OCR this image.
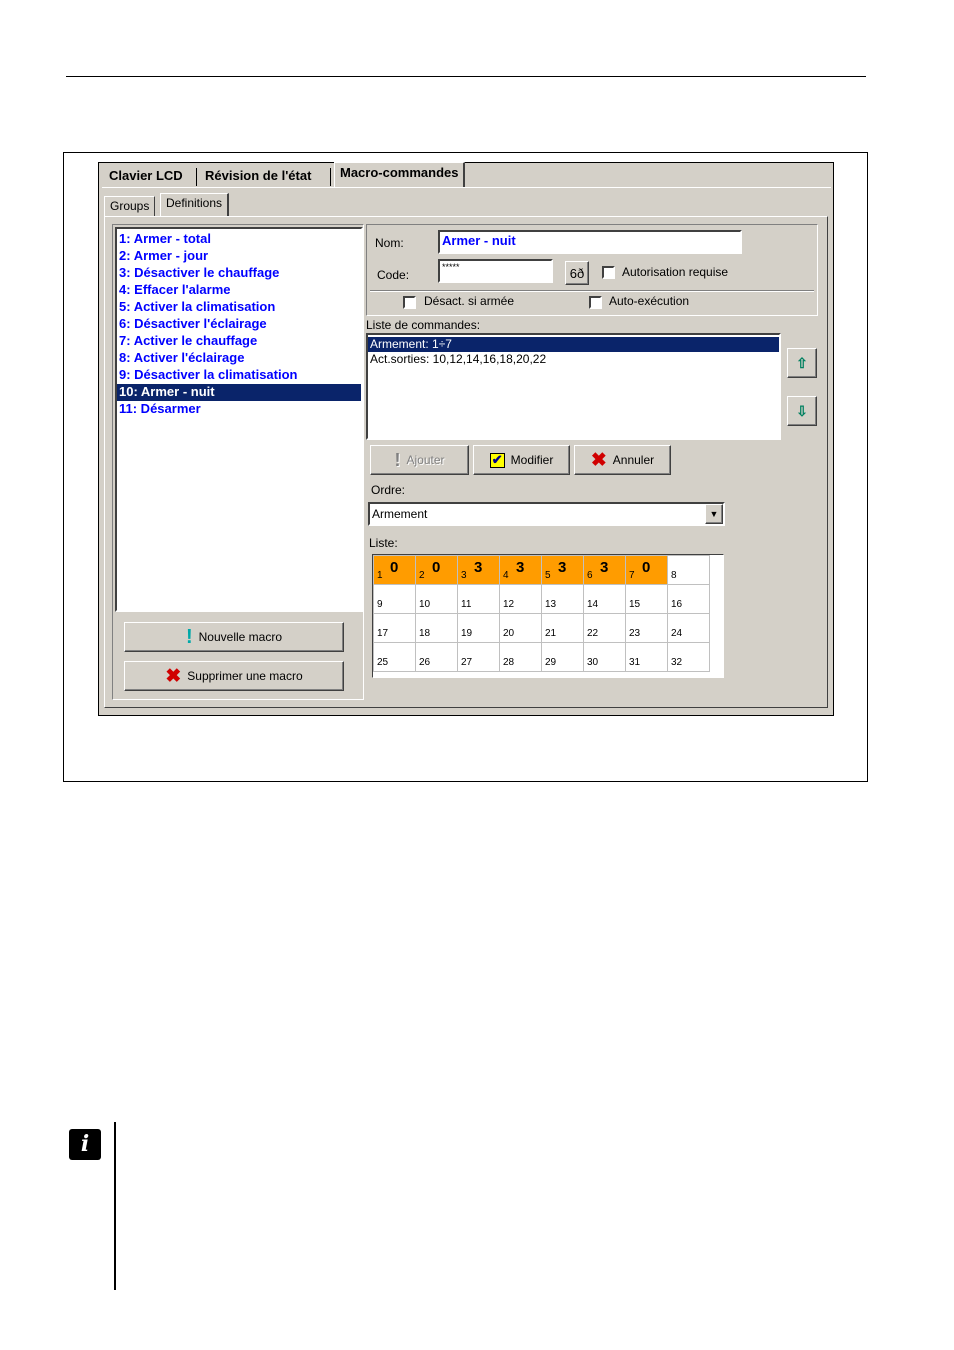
Clavier LCD	Révision de l'état	Macro-commandes
Groups	Definitions
1: Armer - total
2: Armer - jour
3: Désactiver le chauffage
4: Effacer l'alarme
5: Activer la climatisation
6: Désactiver l'éclairage
7: Activer le chauffage
8: Activer l'éclairage
9: Désactiver la climatisation
10: Armer - nuit
11: Désarmer
! Nouvelle macro
✖ Supprimer une macro
Nom:	Armer - nuit
Code:
*****	6ð	Autorisation requise
Désact. si armée	Auto-exécution
Liste de commandes:
Armement: 1÷7
Act.sorties: 10,12,14,16,18,20,22	⇧
⇩
! Ajouter	✔ Modifier ✖ Annuler
Ordre:
Armement	▼
Liste:
1 0	2 0	3 3	4 3	5 3	6 3	7 0	8

9	10	11	12	13	14	15	16

17	18	19	20	21	22	23	24

25	26	27	28	29	30	31	32
i
